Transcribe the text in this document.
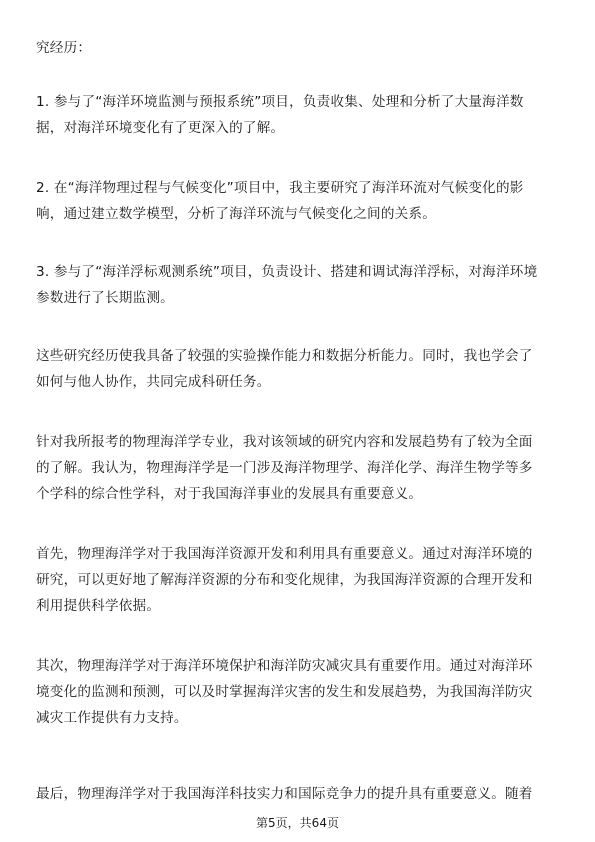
究经历：
1. 参与了“海洋环境监测与预报系统”项目，负责收集、处理和分析了大量海洋数
据，对海洋环境变化有了更深入的了解。
2. 在“海洋物理过程与气候变化”项目中，我主要研究了海洋环流对气候变化的影
响，通过建立数学模型，分析了海洋环流与气候变化之间的关系。
3. 参与了“海洋浮标观测系统”项目，负责设计、搭建和调试海洋浮标，对海洋环境
参数进行了长期监测。
这些研究经历使我具备了较强的实验操作能力和数据分析能力。同时，我也学会了
如何与他人协作，共同完成科研任务。
针对我所报考的物理海洋学专业，我对该领域的研究内容和发展趋势有了较为全面
的了解。我认为，物理海洋学是一门涉及海洋物理学、海洋化学、海洋生物学等多
个学科的综合性学科，对于我国海洋事业的发展具有重要意义。
首先，物理海洋学对于我国海洋资源开发和利用具有重要意义。通过对海洋环境的
研究，可以更好地了解海洋资源的分布和变化规律，为我国海洋资源的合理开发和
利用提供科学依据。
其次，物理海洋学对于海洋环境保护和海洋防灾减灾具有重要作用。通过对海洋环
境变化的监测和预测，可以及时掌握海洋灾害的发生和发展趋势，为我国海洋防灾
减灾工作提供有力支持。
最后，物理海洋学对于我国海洋科技实力和国际竞争力的提升具有重要意义。随着
第5页，共64页
